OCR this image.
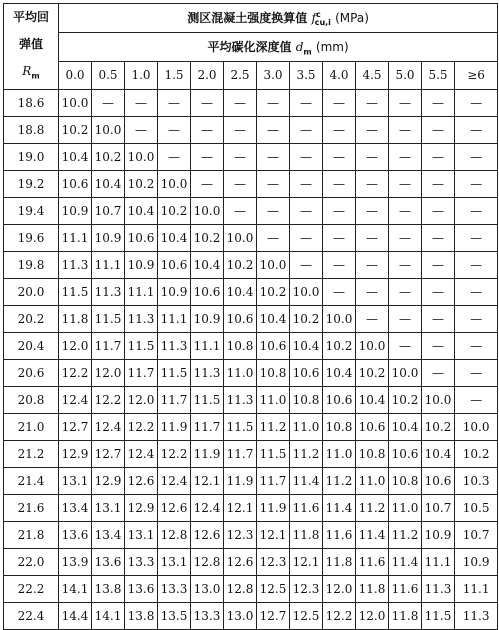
平均回
弹值
$R_m$	测区混凝土强度换算值 $f^c_{cu,i}$ (MPa)												
	平均碳化深度值 $d_m$ (mm)												
	0.0	0.5	1.0	1.5	2.0	2.5	3.0	3.5	4.0	4.5	5.0	5.5	≥6
18.6	10.0	—	—	—	—	—	—	—	—	—	—	—	—
18.8	10.2	10.0	—	—	—	—	—	—	—	—	—	—	—
19.0	10.4	10.2	10.0	—	—	—	—	—	—	—	—	—	—
19.2	10.6	10.4	10.2	10.0	—	—	—	—	—	—	—	—	—
19.4	10.9	10.7	10.4	10.2	10.0	—	—	—	—	—	—	—	—
19.6	11.1	10.9	10.6	10.4	10.2	10.0	—	—	—	—	—	—	—
19.8	11.3	11.1	10.9	10.6	10.4	10.2	10.0	—	—	—	—	—	—
20.0	11.5	11.3	11.1	10.9	10.6	10.4	10.2	10.0	—	—	—	—	—
20.2	11.8	11.5	11.3	11.1	10.9	10.6	10.4	10.2	10.0	—	—	—	—
20.4	12.0	11.7	11.5	11.3	11.1	10.8	10.6	10.4	10.2	10.0	—	—	—
20.6	12.2	12.0	11.7	11.5	11.3	11.0	10.8	10.6	10.4	10.2	10.0	—	—
20.8	12.4	12.2	12.0	11.7	11.5	11.3	11.0	10.8	10.6	10.4	10.2	10.0	—
21.0	12.7	12.4	12.2	11.9	11.7	11.5	11.2	11.0	10.8	10.6	10.4	10.2	10.0
21.2	12.9	12.7	12.4	12.2	11.9	11.7	11.5	11.2	11.0	10.8	10.6	10.4	10.2
21.4	13.1	12.9	12.6	12.4	12.1	11.9	11.7	11.4	11.2	11.0	10.8	10.6	10.3
21.6	13.4	13.1	12.9	12.6	12.4	12.1	11.9	11.6	11.4	11.2	11.0	10.7	10.5
21.8	13.6	13.4	13.1	12.8	12.6	12.3	12.1	11.8	11.6	11.4	11.2	10.9	10.7
22.0	13.9	13.6	13.3	13.1	12.8	12.6	12.3	12.1	11.8	11.6	11.4	11.1	10.9
22.2	14.1	13.8	13.6	13.3	13.0	12.8	12.5	12.3	12.0	11.8	11.6	11.3	11.1
22.4	14.4	14.1	13.8	13.5	13.3	13.0	12.7	12.5	12.2	12.0	11.8	11.5	11.3
